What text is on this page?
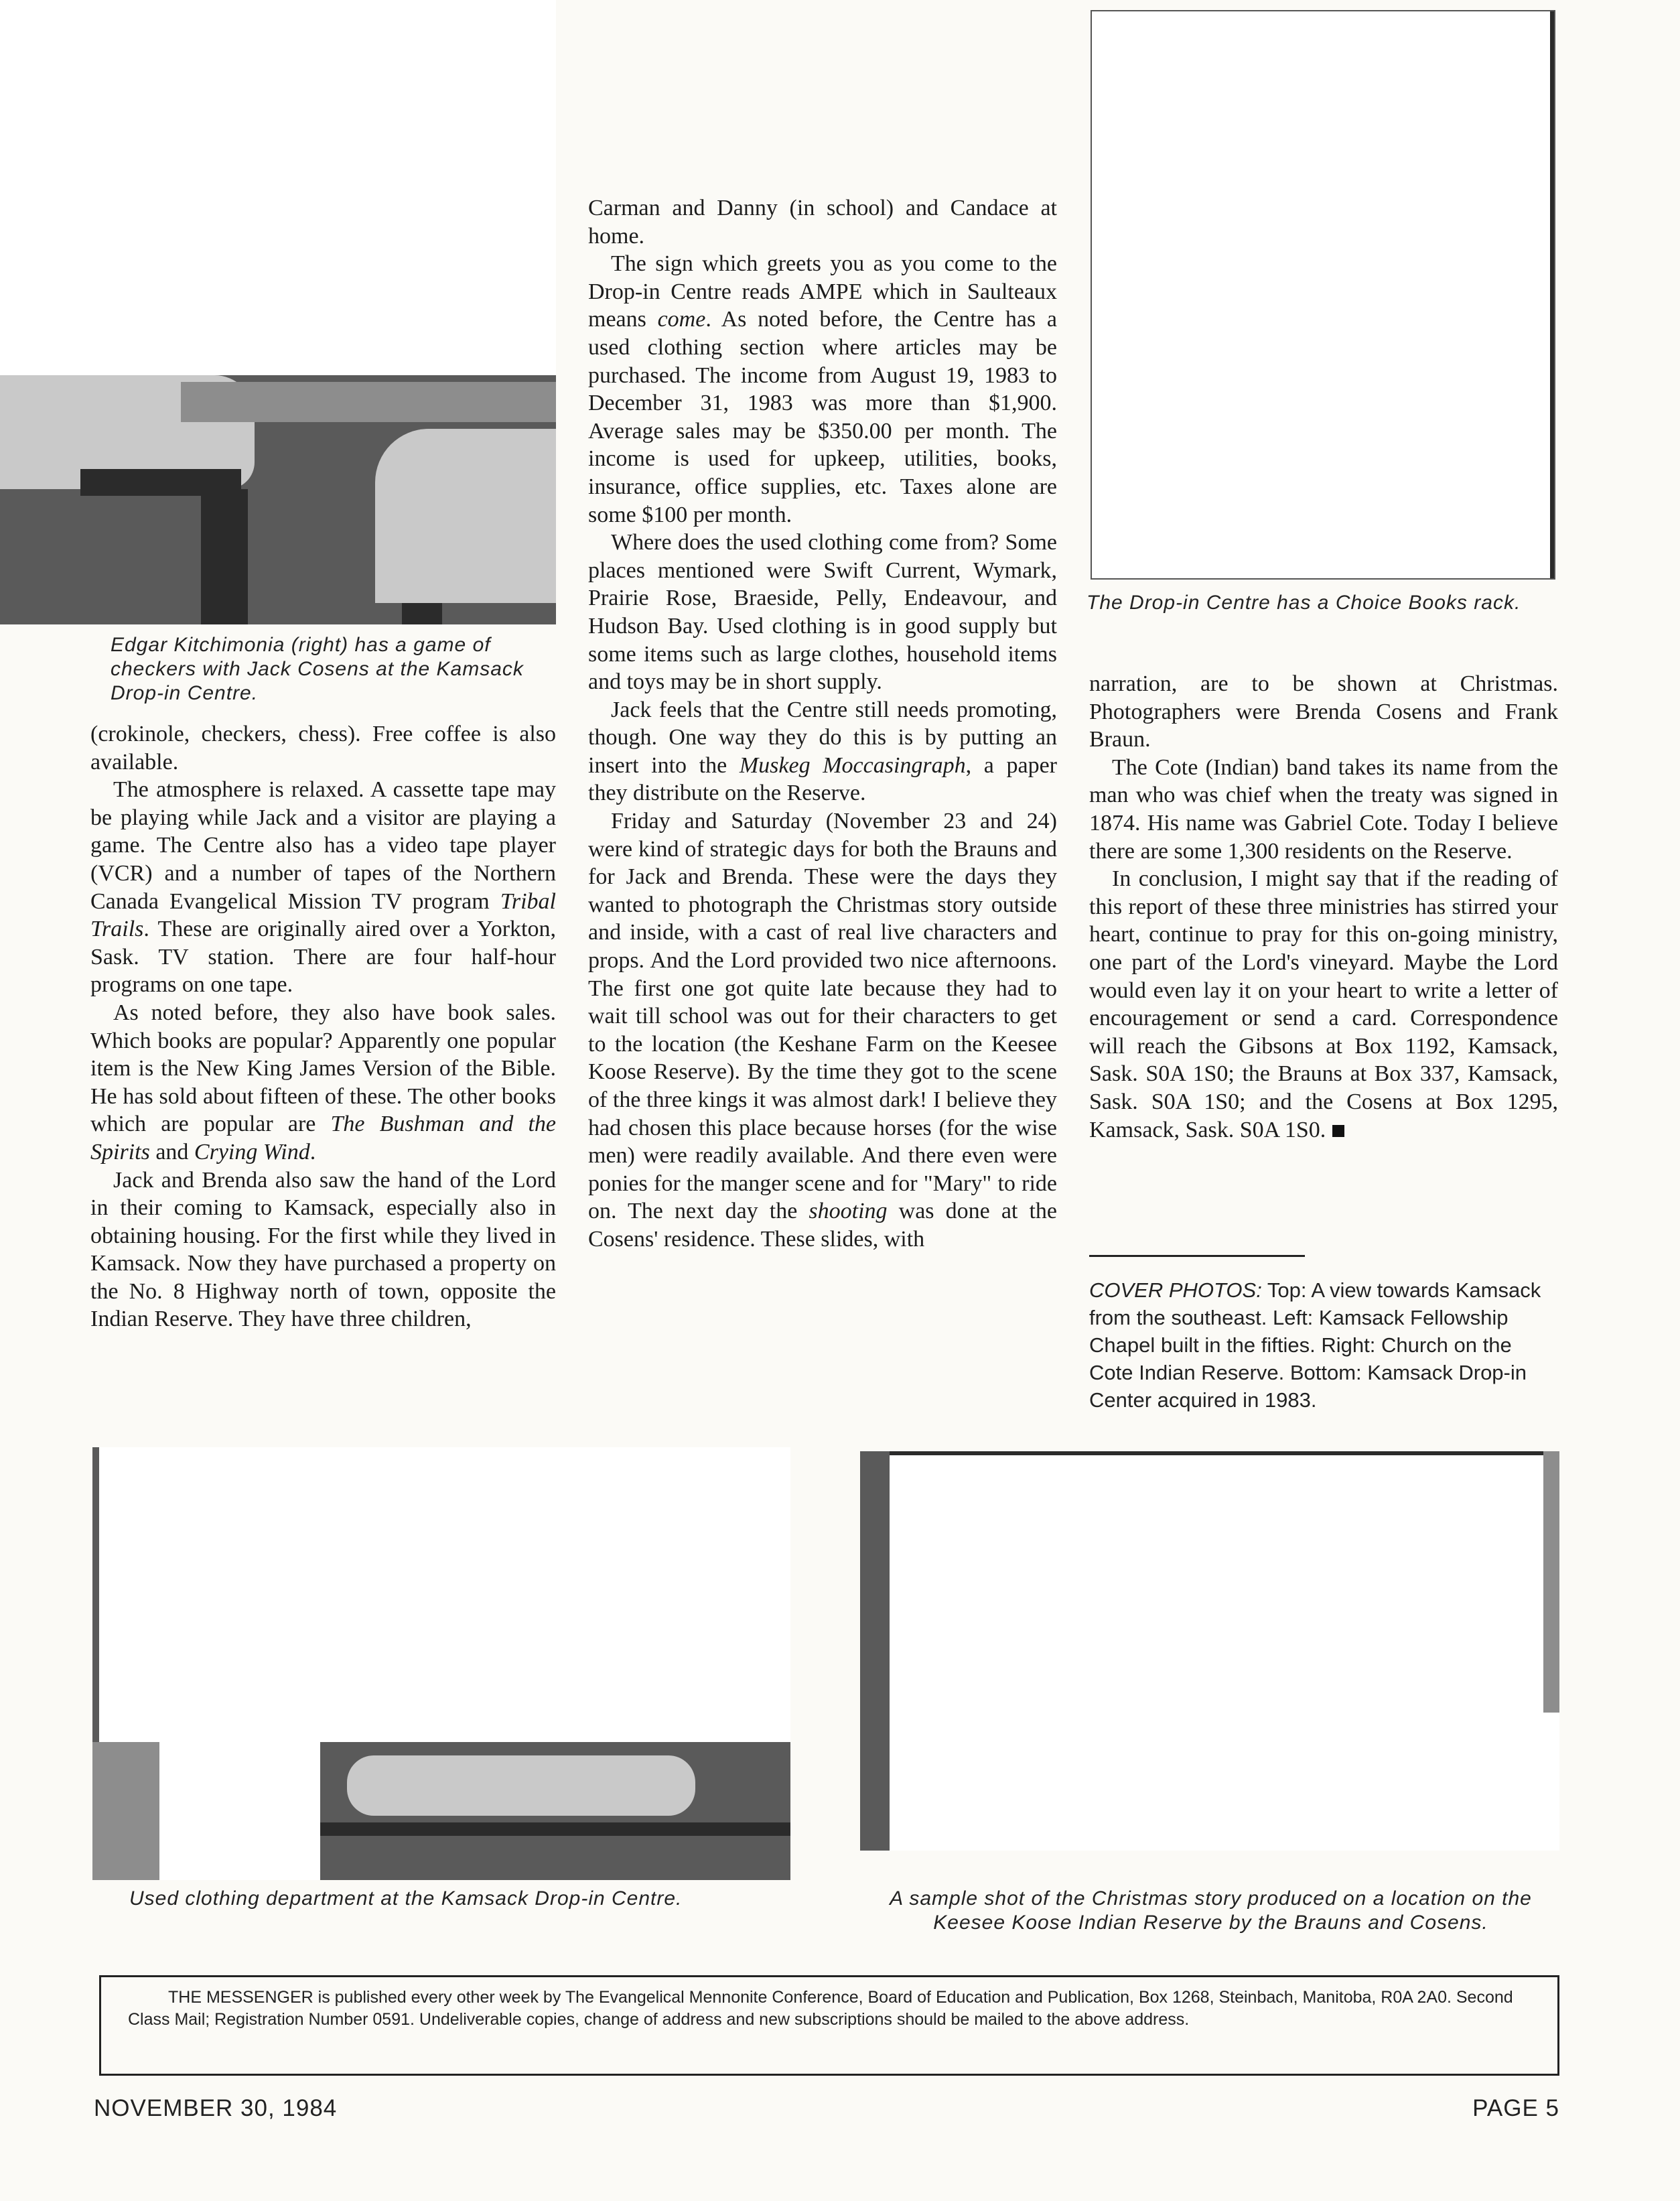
Edgar Kitchimonia (right) has a game of checkers with Jack Cosens at the Kamsack Drop-in Centre.
The Drop-in Centre has a Choice Books rack.

(crokinole, checkers, chess). Free coffee is also available.

The atmosphere is relaxed. A cassette tape may be playing while Jack and a visitor are playing a game. The Centre also has a video tape player (VCR) and a number of tapes of the Northern Canada Evangelical Mission TV program Tribal Trails. These are originally aired over a Yorkton, Sask. TV station. There are four half-hour programs on one tape.

As noted before, they also have book sales. Which books are popular? Apparently one popular item is the New King James Version of the Bible. He has sold about fifteen of these. The other books which are popular are The Bushman and the Spirits and Crying Wind.

Jack and Brenda also saw the hand of the Lord in their coming to Kamsack, especially also in obtaining housing. For the first while they lived in Kamsack. Now they have purchased a property on the No. 8 Highway north of town, opposite the Indian Reserve. They have three children,

Carman and Danny (in school) and Candace at home.

The sign which greets you as you come to the Drop-in Centre reads AMPE which in Saulteaux means come. As noted before, the Centre has a used clothing section where articles may be purchased. The income from August 19, 1983 to December 31, 1983 was more than $1,900. Average sales may be $350.00 per month. The income is used for upkeep, utilities, books, insurance, office supplies, etc. Taxes alone are some $100 per month.

Where does the used clothing come from? Some places mentioned were Swift Current, Wymark, Prairie Rose, Braeside, Pelly, Endeavour, and Hudson Bay. Used clothing is in good supply but some items such as large clothes, household items and toys may be in short supply.

Jack feels that the Centre still needs promoting, though. One way they do this is by putting an insert into the Muskeg Moccasingraph, a paper they distribute on the Reserve.

Friday and Saturday (November 23 and 24) were kind of strategic days for both the Brauns and for Jack and Brenda. These were the days they wanted to photograph the Christmas story outside and inside, with a cast of real live characters and props. And the Lord provided two nice afternoons. The first one got quite late because they had to wait till school was out for their characters to get to the location (the Keshane Farm on the Keesee Koose Reserve). By the time they got to the scene of the three kings it was almost dark! I believe they had chosen this place because horses (for the wise men) were readily available. And there even were ponies for the manger scene and for "Mary" to ride on. The next day the shooting was done at the Cosens' residence. These slides, with

narration, are to be shown at Christmas. Photographers were Brenda Cosens and Frank Braun.

The Cote (Indian) band takes its name from the man who was chief when the treaty was signed in 1874. His name was Gabriel Cote. Today I believe there are some 1,300 residents on the Reserve.

In conclusion, I might say that if the reading of this report of these three ministries has stirred your heart, continue to pray for this on-going ministry, one part of the Lord's vineyard. Maybe the Lord would even lay it on your heart to write a letter of encouragement or send a card. Correspondence will reach the Gibsons at Box 1192, Kamsack, Sask. S0A 1S0; the Brauns at Box 337, Kamsack, Sask. S0A 1S0; and the Cosens at Box 1295, Kamsack, Sask. S0A 1S0.

COVER PHOTOS: Top: A view towards Kamsack from the southeast. Left: Kamsack Fellowship Chapel built in the fifties. Right: Church on the Cote Indian Reserve. Bottom: Kamsack Drop-in Center acquired in 1983.
Used clothing department at the Kamsack Drop-in Centre.	A sample shot of the Christmas story produced on a location on the Keesee Koose Indian Reserve by the Brauns and Cosens.

THE MESSENGER is published every other week by The Evangelical Mennonite Conference, Board of Education and Publication, Box 1268, Steinbach, Manitoba, R0A 2A0. Second Class Mail; Registration Number 0591. Undeliverable copies, change of address and new subscriptions should be mailed to the above address.

NOVEMBER 30, 1984	PAGE 5
